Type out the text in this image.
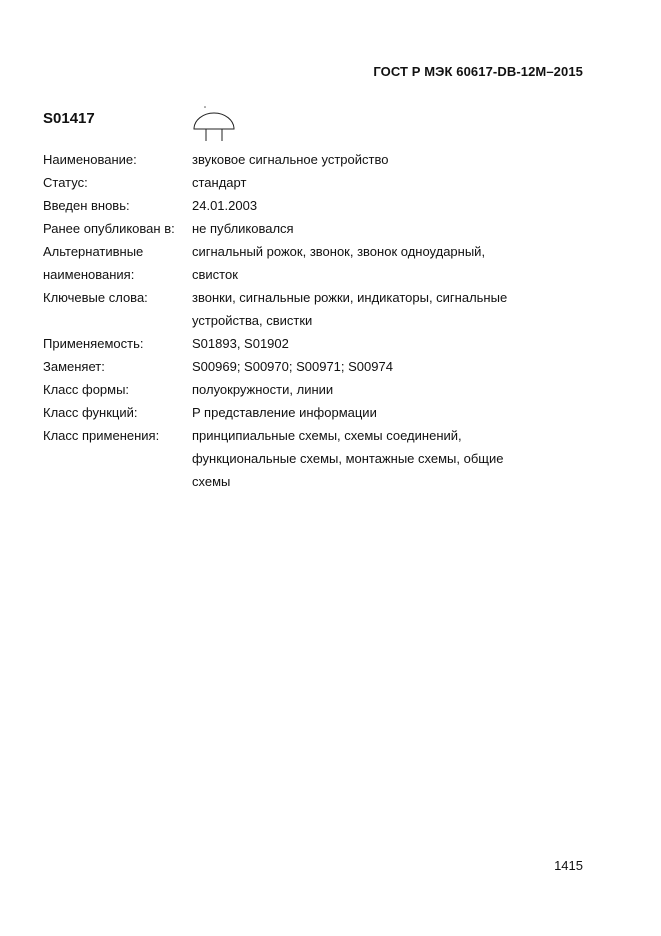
ГОСТ Р МЭК 60617-DB-12M–2015
S01417
Наименование:	звуковое сигнальное устройство
Статус:	стандарт
Введен вновь:	24.01.2003
Ранее опубликован в:	не публиковался
Альтернативные наименования:
сигнальный рожок, звонок, звонок одноударный,
свисток
Ключевые слова:	звонки, сигнальные рожки, индикаторы, сигнальные
устройства, свистки
Применяемость:	S01893, S01902
Заменяет:	S00969; S00970; S00971; S00974
Класс формы:	полуокружности, линии
Класс функций:	P представление информации
Класс применения:	принципиальные схемы, схемы соединений,
функциональные схемы, монтажные схемы, общие
схемы
1415
